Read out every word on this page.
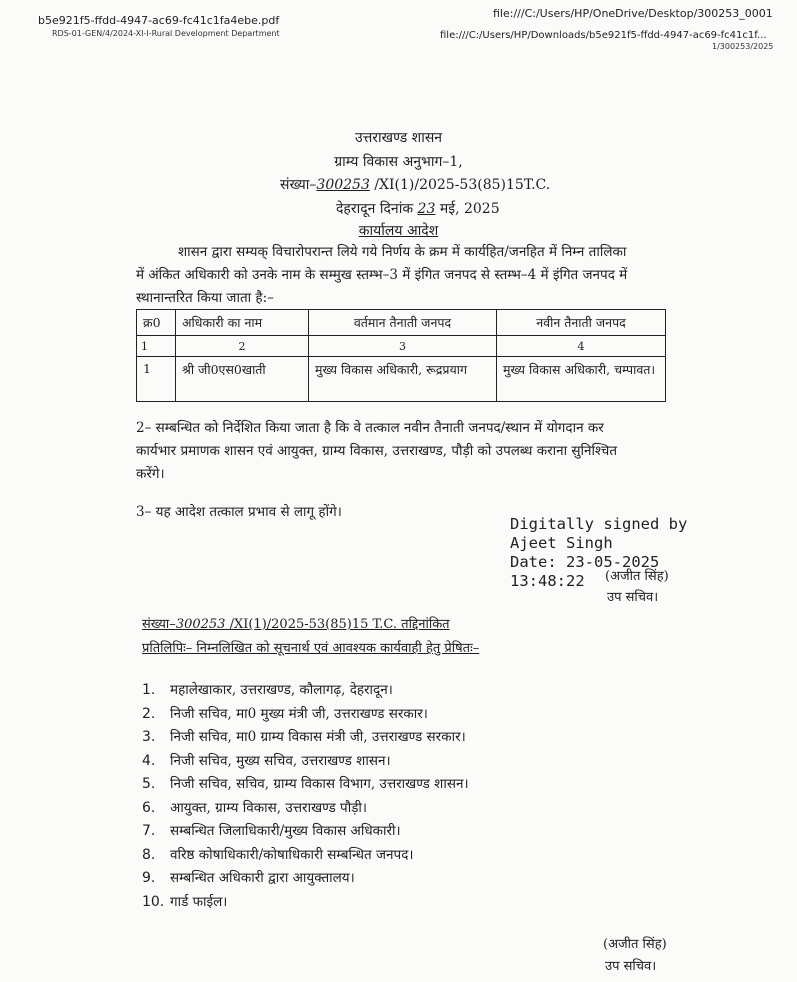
b5e921f5-ffdd-4947-ac69-fc41c1fa4ebe.pdf
RDS-01-GEN/4/2024-XI-I-Rural Development Department
file:///C:/Users/HP/OneDrive/Desktop/300253_0001
file:///C:/Users/HP/Downloads/b5e921f5-ffdd-4947-ac69-fc41c1f...
1/300253/2025
उत्तराखण्ड शासन
ग्राम्य विकास अनुभाग–1,
संख्या–300253 /XI(1)/2025-53(85)15T.C.
देहरादून दिनांक 23 मई, 2025
कार्यालय आदेश
शासन द्वारा सम्यक् विचारोपरान्त लिये गये निर्णय के क्रम में कार्यहित/जनहित में निम्न तालिका
में अंकित अधिकारी को उनके नाम के सम्मुख स्तम्भ–3 में इंगित जनपद से स्तम्भ–4 में इंगित जनपद में
स्थानान्तरित किया जाता है:–
क्र0	अधिकारी का नाम	वर्तमान तैनाती जनपद	नवीन तैनाती जनपद
1	2	3	4
1	श्री जी0एस0खाती	मुख्य विकास अधिकारी, रूद्रप्रयाग	मुख्य विकास अधिकारी, चम्पावत।
2– सम्बन्धित को निर्देशित किया जाता है कि वे तत्काल नवीन तैनाती जनपद/स्थान में योगदान कर
कार्यभार प्रमाणक शासन एवं आयुक्त, ग्राम्य विकास, उत्तराखण्ड, पौड़ी को उपलब्ध कराना सुनिश्चित
करेंगे।
3– यह आदेश तत्काल प्रभाव से लागू होंगे।
Digitally signed by
Ajeet Singh
Date: 23-05-2025
13:48:22	(अजीत सिंह)
उप सचिव।
संख्या–300253 /XI(1)/2025-53(85)15 T.C. तद्दिनांकित
प्रतिलिपिः– निम्नलिखित को सूचनार्थ एवं आवश्यक कार्यवाही हेतु प्रेषितः–
1. महालेखाकार, उत्तराखण्ड, कौलागढ़, देहरादून।
2. निजी सचिव, मा0 मुख्य मंत्री जी, उत्तराखण्ड सरकार।
3. निजी सचिव, मा0 ग्राम्य विकास मंत्री जी, उत्तराखण्ड सरकार।
4. निजी सचिव, मुख्य सचिव, उत्तराखण्ड शासन।
5. निजी सचिव, सचिव, ग्राम्य विकास विभाग, उत्तराखण्ड शासन।
6. आयुक्त, ग्राम्य विकास, उत्तराखण्ड पौड़ी।
7. सम्बन्धित जिलाधिकारी/मुख्य विकास अधिकारी।
8. वरिष्ठ कोषाधिकारी/कोषाधिकारी सम्बन्धित जनपद।
9. सम्बन्धित अधिकारी द्वारा आयुक्तालय।
10. गार्ड फाईल।
(अजीत सिंह)
उप सचिव।
